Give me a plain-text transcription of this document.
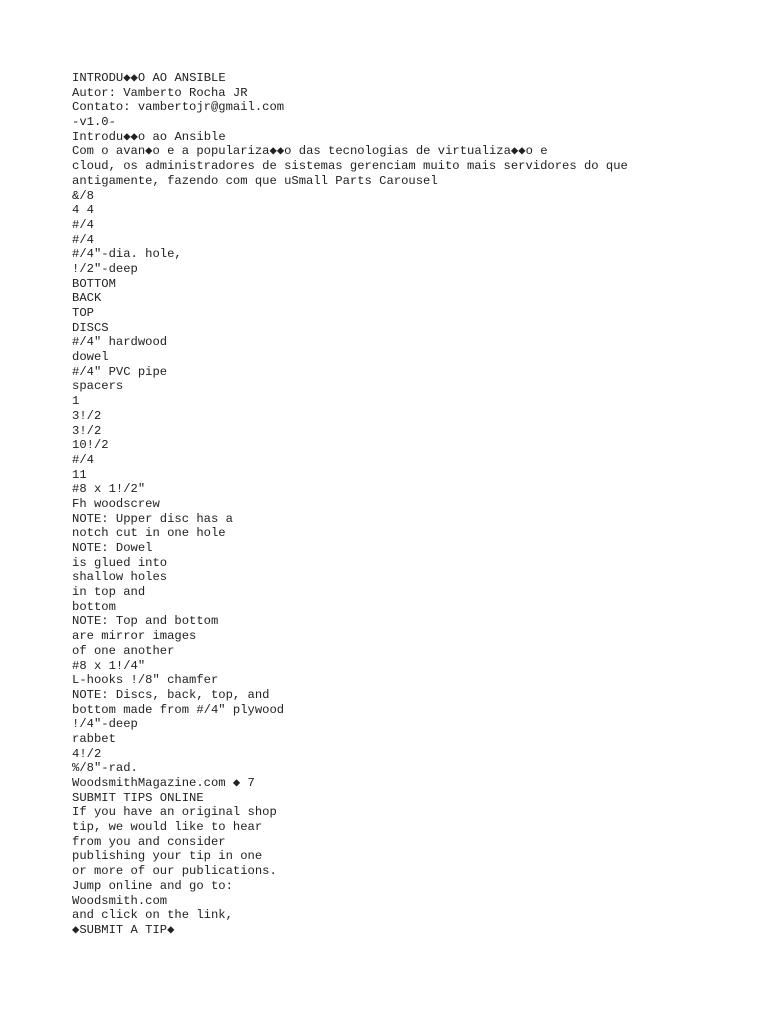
INTRODU◆◆O AO ANSIBLE
Autor: Vamberto Rocha JR
Contato: vambertojr@gmail.com
-v1.0-
Introdu◆◆o ao Ansible
Com o avan◆o e a populariza◆◆o das tecnologias de virtualiza◆◆o e
cloud, os administradores de sistemas gerenciam muito mais servidores do que
antigamente, fazendo com que uSmall Parts Carousel
&/8
4 4
#/4
#/4
#/4"-dia. hole,
!/2"-deep
BOTTOM
BACK
TOP
DISCS
#/4" hardwood
dowel
#/4" PVC pipe
spacers
1
3!/2
3!/2
10!/2
#/4
11
#8 x 1!/2"
Fh woodscrew
NOTE: Upper disc has a
notch cut in one hole
NOTE: Dowel
is glued into
shallow holes
in top and
bottom
NOTE: Top and bottom
are mirror images
of one another
#8 x 1!/4"
L-hooks !/8" chamfer
NOTE: Discs, back, top, and
bottom made from #/4" plywood
!/4"-deep
rabbet
4!/2
%/8"-rad.
WoodsmithMagazine.com ◆ 7
SUBMIT TIPS ONLINE
If you have an original shop
tip, we would like to hear
from you and consider
publishing your tip in one
or more of our publications.
Jump online and go to:
Woodsmith.com
and click on the link,
◆SUBMIT A TIP◆
